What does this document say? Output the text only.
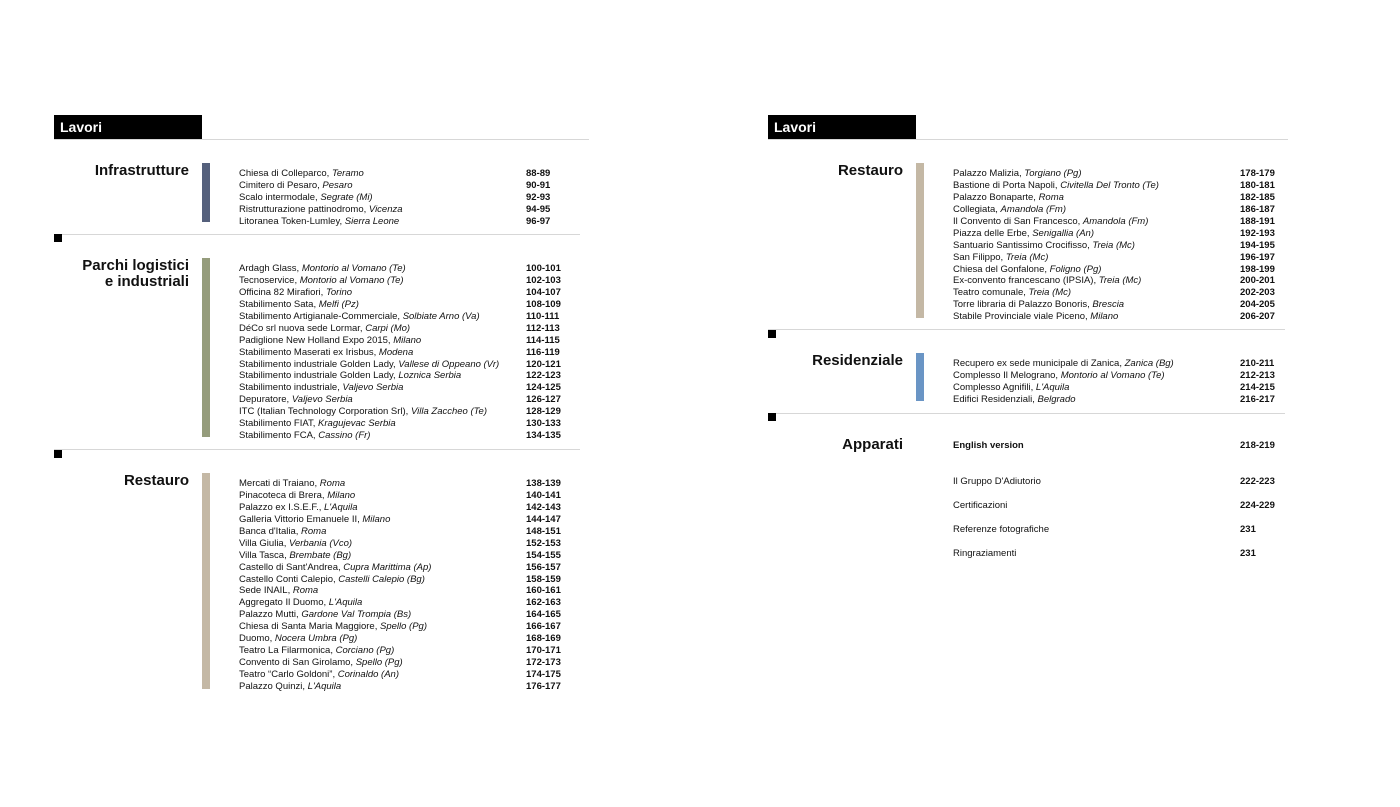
Lavori
Infrastrutture	Chiesa di Colleparco, Teramo	88-89
Cimitero di Pesaro, Pesaro	90-91
Scalo intermodale, Segrate (Mi)	92-93
Ristrutturazione pattinodromo, Vicenza	94-95
Litoranea Token-Lumley, Sierra Leone	96-97
Parchi logistici
e industriali
Ardagh Glass, Montorio al Vomano (Te)	100-101
Tecnoservice, Montorio al Vomano (Te)	102-103
Officina 82 Mirafiori, Torino	104-107
Stabilimento Sata, Melfi (Pz)	108-109
Stabilimento Artigianale-Commerciale, Solbiate Arno (Va)	110-111
DéCo srl nuova sede Lormar, Carpi (Mo)	112-113
Padiglione New Holland Expo 2015, Milano	114-115
Stabilimento Maserati ex Irisbus, Modena	116-119
Stabilimento industriale Golden Lady, Vallese di Oppeano (Vr)	120-121
Stabilimento industriale Golden Lady, Loznica Serbia	122-123
Stabilimento industriale, Valjevo Serbia	124-125
Depuratore, Valjevo Serbia	126-127
ITC (Italian Technology Corporation Srl), Villa Zaccheo (Te)	128-129
Stabilimento FIAT, Kragujevac Serbia	130-133
Stabilimento FCA, Cassino (Fr)	134-135
Restauro	Mercati di Traiano, Roma	138-139
Pinacoteca di Brera, Milano	140-141
Palazzo ex I.S.E.F., L'Aquila	142-143
Galleria Vittorio Emanuele II, Milano	144-147
Banca d'Italia, Roma	148-151
Villa Giulia, Verbania (Vco)	152-153
Villa Tasca, Brembate (Bg)	154-155
Castello di Sant'Andrea, Cupra Marittima (Ap)	156-157
Castello Conti Calepio, Castelli Calepio (Bg)	158-159
Sede INAIL, Roma	160-161
Aggregato Il Duomo, L'Aquila	162-163
Palazzo Mutti, Gardone Val Trompia (Bs)	164-165
Chiesa di Santa Maria Maggiore, Spello (Pg)	166-167
Duomo, Nocera Umbra (Pg)	168-169
Teatro La Filarmonica, Corciano (Pg)	170-171
Convento di San Girolamo, Spello (Pg)	172-173
Teatro “Carlo Goldoni”, Corinaldo (An)	174-175
Palazzo Quinzi, L'Aquila	176-177
Lavori
Restauro	Palazzo Malizia, Torgiano (Pg)	178-179
Bastione di Porta Napoli, Civitella Del Tronto (Te)	180-181
Palazzo Bonaparte, Roma	182-185
Collegiata, Amandola (Fm)	186-187
Il Convento di San Francesco, Amandola (Fm)	188-191
Piazza delle Erbe, Senigallia (An)	192-193
Santuario Santissimo Crocifisso, Treia (Mc)	194-195
San Filippo, Treia (Mc)	196-197
Chiesa del Gonfalone, Foligno (Pg)	198-199
Ex-convento francescano (IPSIA), Treia (Mc)	200-201
Teatro comunale, Treia (Mc)	202-203
Torre libraria di Palazzo Bonoris, Brescia	204-205
Stabile Provinciale viale Piceno, Milano	206-207
Residenziale	Recupero ex sede municipale di Zanica, Zanica (Bg)	210-211
Complesso Il Melograno, Montorio al Vomano (Te)	212-213
Complesso Agnifili, L'Aquila	214-215
Edifici Residenziali, Belgrado	216-217
Apparati	English version	218-219
Il Gruppo D'Adiutorio	222-223
Certificazioni	224-229
Referenze fotografiche	231
Ringraziamenti	231
